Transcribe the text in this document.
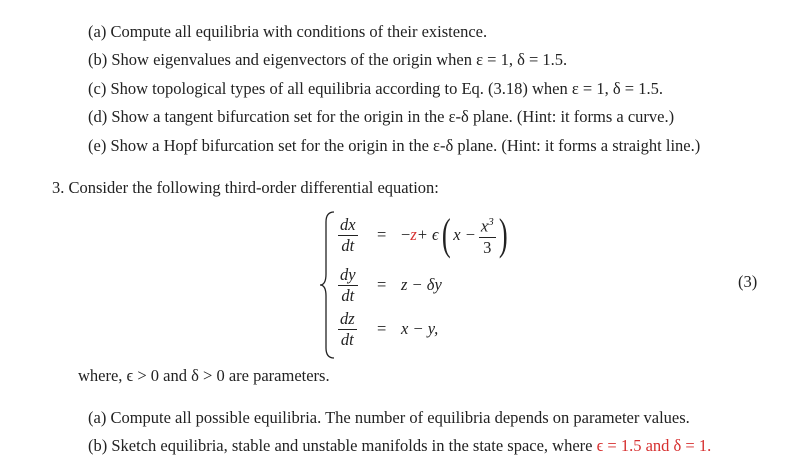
(a) Compute all equilibria with conditions of their existence.
(b) Show eigenvalues and eigenvectors of the origin when ε = 1, δ = 1.5.
(c) Show topological types of all equilibria according to Eq. (3.18) when ε = 1, δ = 1.5.
(d) Show a tangent bifurcation set for the origin in the ε-δ plane. (Hint: it forms a curve.)
(e) Show a Hopf bifurcation set for the origin in the ε-δ plane. (Hint: it forms a straight line.)
3. Consider the following third-order differential equation:
$\frac{dx}{dt}$ = − z + ϵ ( $x - \frac{x^3}{3}$ )
$\frac{dy}{dt} = z - \delta y$
$\frac{dz}{dt} = x - y$,
(3)
where, ϵ > 0 and δ > 0 are parameters.
(a) Compute all possible equilibria. The number of equilibria depends on parameter values.
(b) Sketch equilibria, stable and unstable manifolds in the state space, where ϵ = 1.5 and δ = 1.
